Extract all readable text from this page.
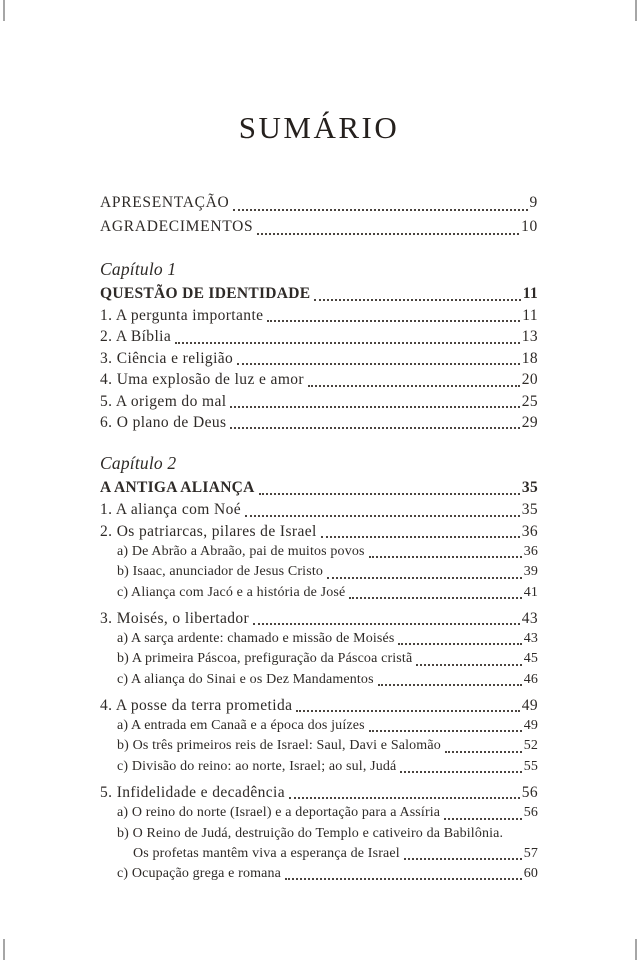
SUMÁRIO
APRESENTAÇÃO	9
AGRADECIMENTOS	10
Capítulo 1
QUESTÃO DE IDENTIDADE	11
1. A pergunta importante	11
2. A Bíblia	13
3. Ciência e religião	18
4. Uma explosão de luz e amor	20
5. A origem do mal	25
6. O plano de Deus	29
Capítulo 2
A ANTIGA ALIANÇA	35
1. A aliança com Noé	35
2. Os patriarcas, pilares de Israel	36
a) De Abrão a Abraão, pai de muitos povos	36
b) Isaac, anunciador de Jesus Cristo	39
c) Aliança com Jacó e a história de José	41
3. Moisés, o libertador	43
a) A sarça ardente: chamado e missão de Moisés	43
b) A primeira Páscoa, prefiguração da Páscoa cristã	45
c) A aliança do Sinai e os Dez Mandamentos	46
4. A posse da terra prometida	49
a) A entrada em Canaã e a época dos juízes	49
b) Os três primeiros reis de Israel: Saul, Davi e Salomão	52
c) Divisão do reino: ao norte, Israel; ao sul, Judá	55
5. Infidelidade e decadência	56
a) O reino do norte (Israel) e a deportação para a Assíria	56
b) O Reino de Judá, destruição do Templo e cativeiro da Babilônia.
Os profetas mantêm viva a esperança de Israel	57
c) Ocupação grega e romana	60
